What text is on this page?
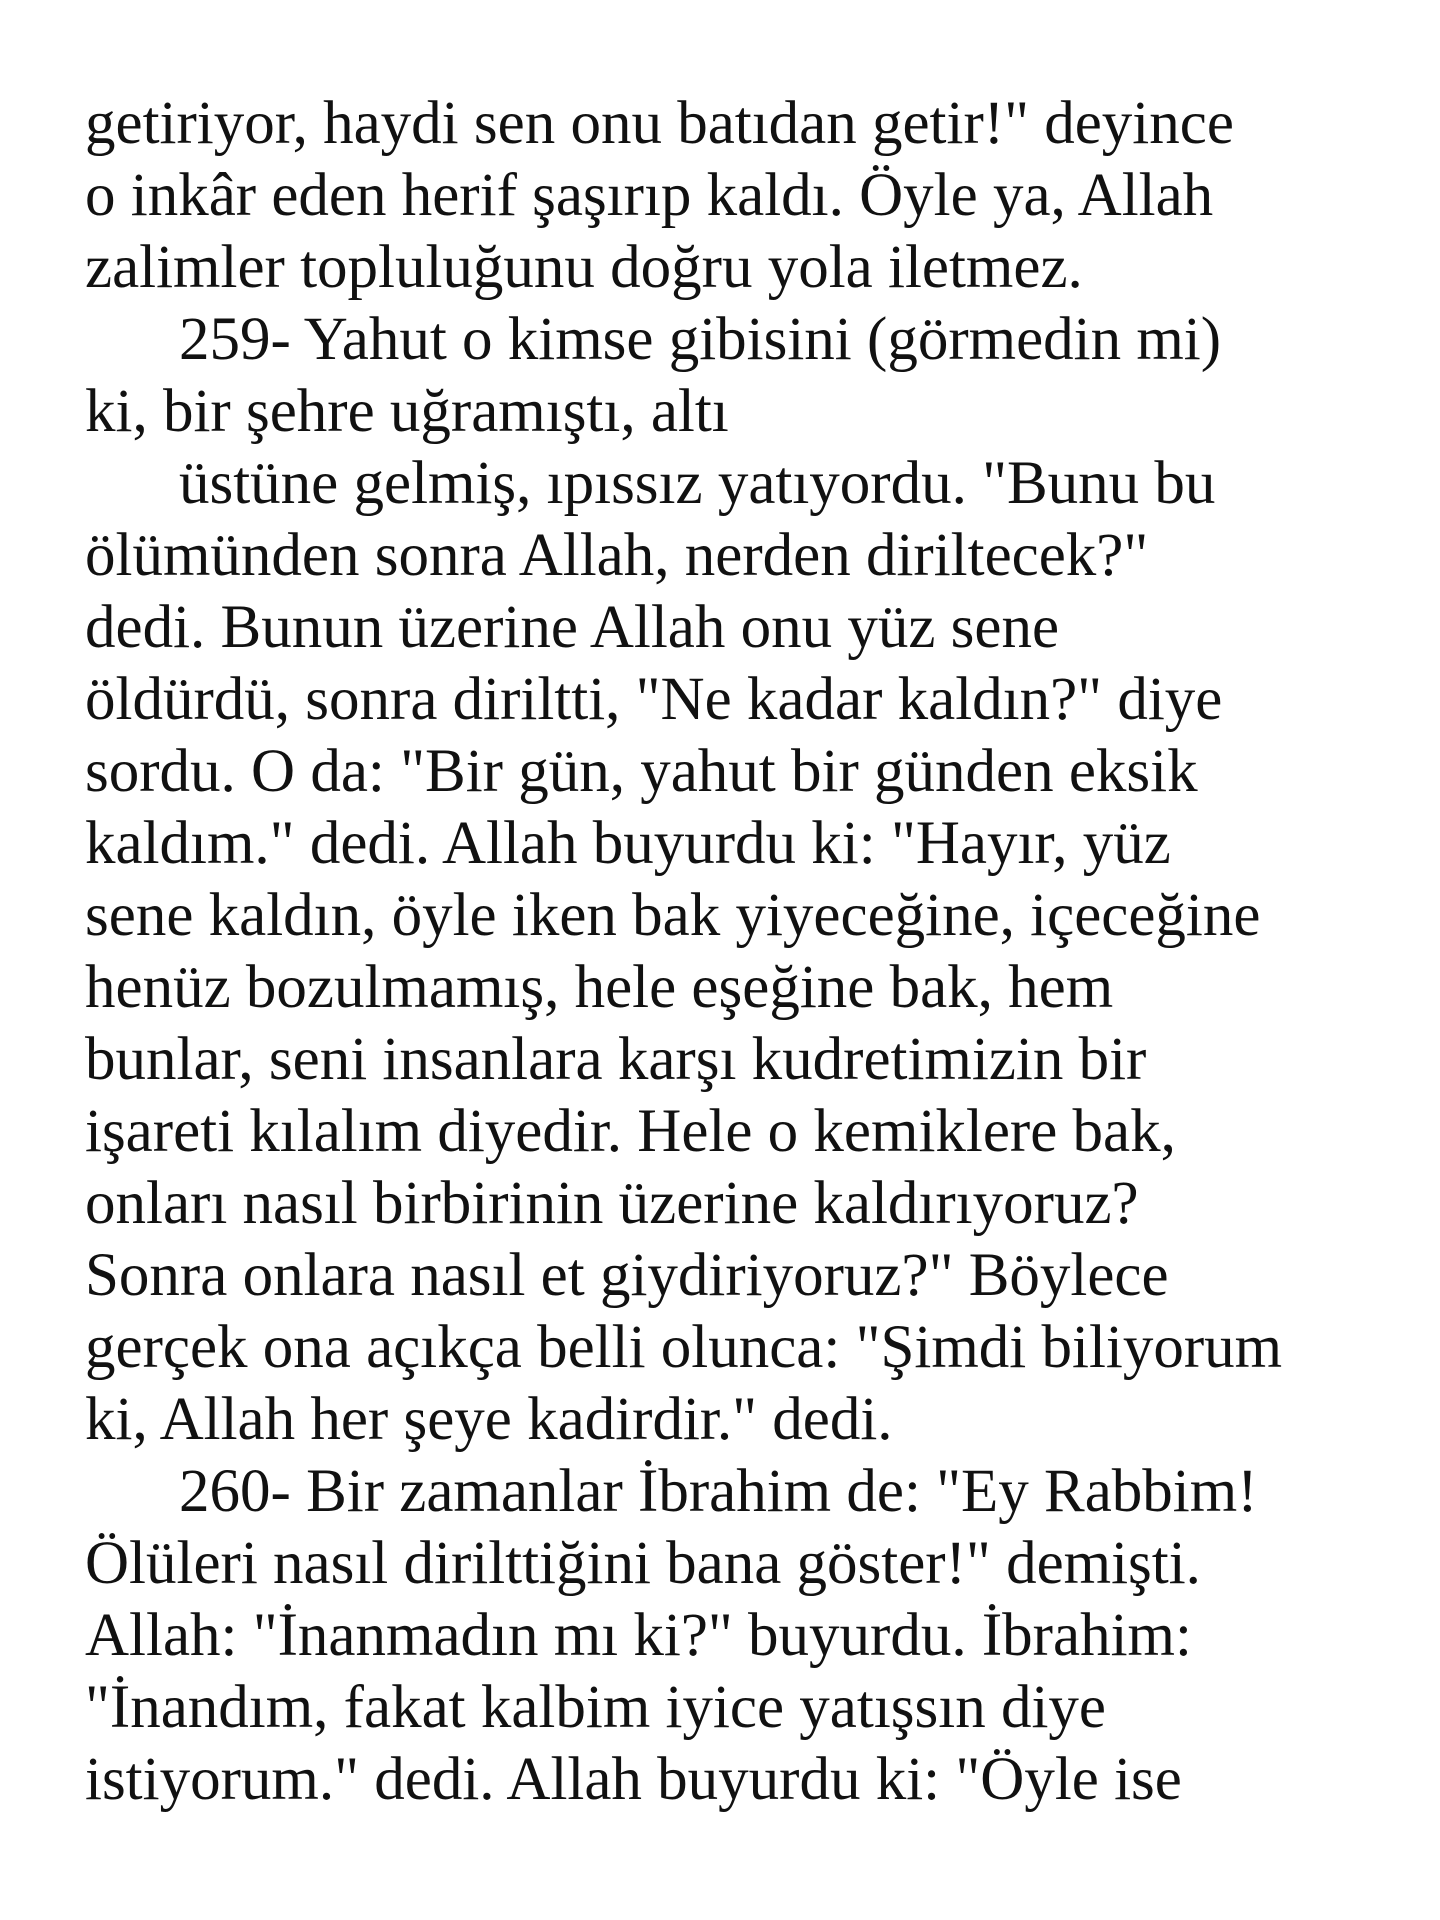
getiriyor, haydi sen onu batıdan getir!" deyince
o inkâr eden herif şaşırıp kaldı. Öyle ya, Allah
zalimler topluluğunu doğru yola iletmez.
259- Yahut o kimse gibisini (görmedin mi)
ki, bir şehre uğramıştı, altı
üstüne gelmiş, ıpıssız yatıyordu. "Bunu bu
ölümünden sonra Allah, nerden diriltecek?"
dedi. Bunun üzerine Allah onu yüz sene
öldürdü, sonra diriltti, "Ne kadar kaldın?" diye
sordu. O da: "Bir gün, yahut bir günden eksik
kaldım." dedi. Allah buyurdu ki: "Hayır, yüz
sene kaldın, öyle iken bak yiyeceğine, içeceğine
henüz bozulmamış, hele eşeğine bak, hem
bunlar, seni insanlara karşı kudretimizin bir
işareti kılalım diyedir. Hele o kemiklere bak,
onları nasıl birbirinin üzerine kaldırıyoruz?
Sonra onlara nasıl et giydiriyoruz?" Böylece
gerçek ona açıkça belli olunca: "Şimdi biliyorum
ki, Allah her şeye kadirdir." dedi.
260- Bir zamanlar İbrahim de: "Ey Rabbim!
Ölüleri nasıl dirilttiğini bana göster!" demişti.
Allah: "İnanmadın mı ki?" buyurdu. İbrahim:
"İnandım, fakat kalbim iyice yatışsın diye
istiyorum." dedi. Allah buyurdu ki: "Öyle ise
